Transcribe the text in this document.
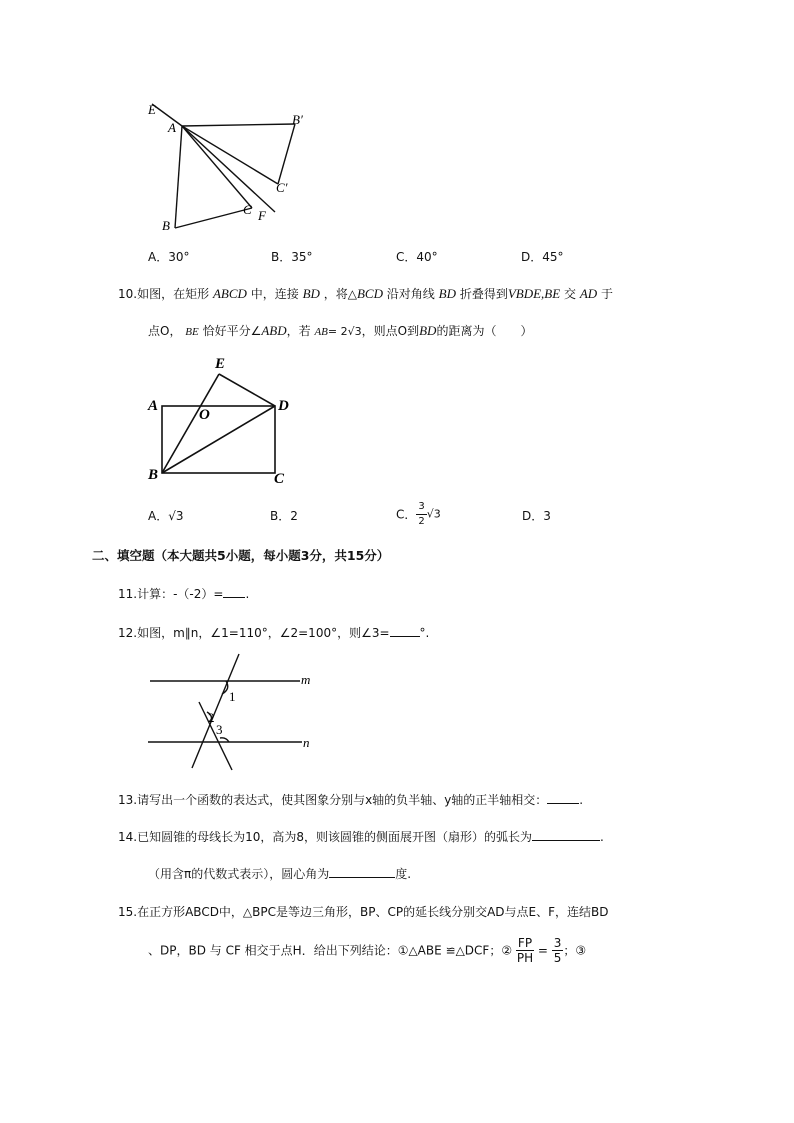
E
A
B′
C′
B
C F
A．30°	B．35°	C．40°	D．45°
10.如图，在矩形 ABCD 中，连接 BD ，将△BCD 沿对角线 BD 折叠得到VBDE,BE 交 AD 于
点O， BE 恰好平分∠ABD，若 AB= 2√3，则点O到BD的距离为（　　）
E
A
O
D
B	C
A．√3	B．2	C． $\frac{3}{2} √3$	D．3
二、填空题（本大题共5小题，每小题3分，共15分）
11.计算：-（-2）= .
12.如图，m∥n，∠1=110°，∠2=100°，则∠3=	°.
m
n
1
2
3
13.请写出一个函数的表达式，使其图象分别与x轴的负半轴、y轴的正半轴相交：	.
14.已知圆锥的母线长为10，高为8，则该圆锥的侧面展开图（扇形）的弧长为	.
（用含π的代数式表示），圆心角为	度.
15.在正方形ABCD中，△BPC是等边三角形，BP、CP的延长线分别交AD与点E、F，连结BD
、DP，BD 与 CF 相交于点H．给出下列结论：①△ABE ≌△DCF；② $\frac{FP}{PH} = \frac{3}{5}$ ；③
